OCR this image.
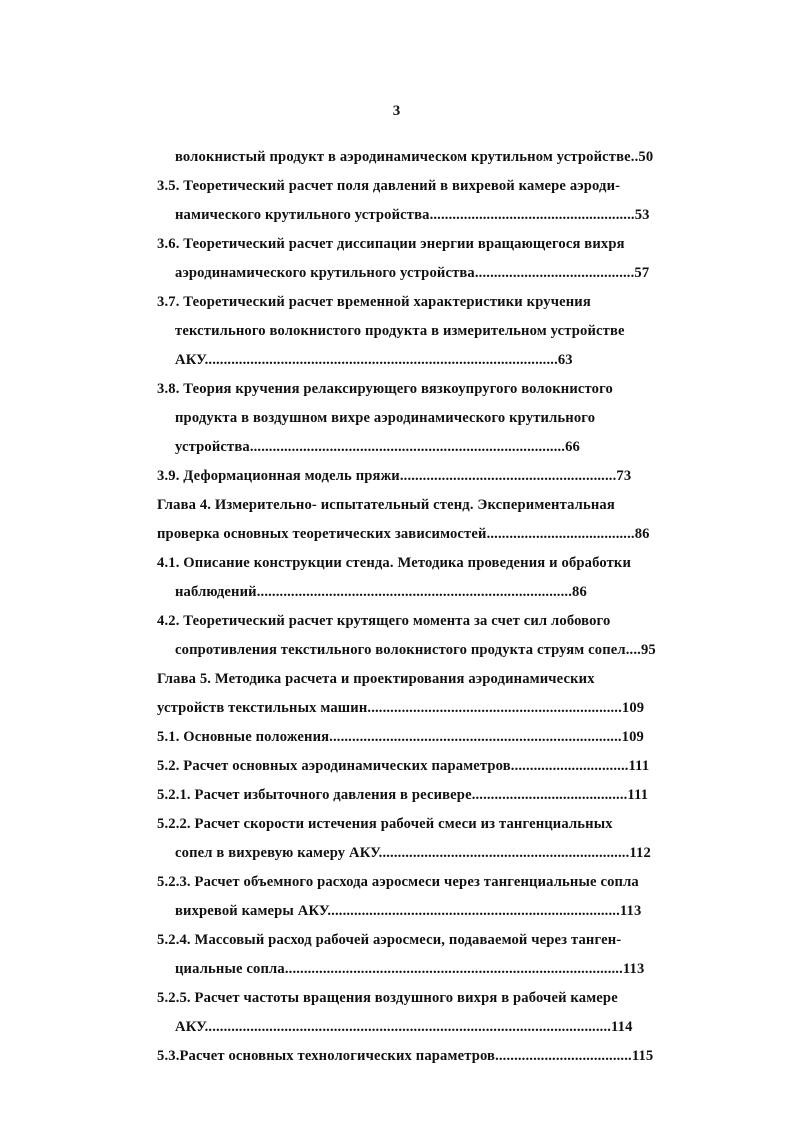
3
волокнистый продукт в аэродинамическом крутильном устройстве..50
3.5. Теоретический расчет поля давлений в вихревой камере аэроди-
намического крутильного устройства......................................................53
3.6. Теоретический расчет диссипации энергии вращающегося вихря
аэродинамического крутильного устройства..........................................57
3.7. Теоретический расчет временной характеристики кручения
текстильного волокнистого продукта в измерительном устройстве
АКУ.............................................................................................63
3.8. Теория кручения релаксирующего вязкоупругого волокнистого
продукта в воздушном вихре аэродинамического крутильного
устройства...................................................................................66
3.9. Деформационная модель пряжи.........................................................73
Глава 4. Измерительно- испытательный стенд. Экспериментальная
проверка основных теоретических зависимостей.......................................86
4.1. Описание конструкции стенда. Методика проведения и обработки
наблюдений...................................................................................86
4.2. Теоретический расчет крутящего момента за счет сил лобового
сопротивления текстильного волокнистого продукта струям сопел....95
Глава 5. Методика расчета и проектирования аэродинамических
устройств текстильных машин...................................................................109
5.1. Основные положения.............................................................................109
5.2. Расчет основных аэродинамических параметров...............................111
5.2.1. Расчет избыточного давления в ресивере.........................................111
5.2.2. Расчет скорости истечения рабочей смеси из тангенциальных
сопел в вихревую камеру АКУ..................................................................112
5.2.3. Расчет объемного расхода аэросмеси через тангенциальные сопла
вихревой камеры АКУ.............................................................................113
5.2.4. Массовый расход рабочей аэросмеси, подаваемой через танген-
циальные сопла.........................................................................................113
5.2.5. Расчет частоты вращения воздушного вихря в рабочей камере
АКУ...........................................................................................................114
5.3.Расчет основных технологических параметров....................................115
